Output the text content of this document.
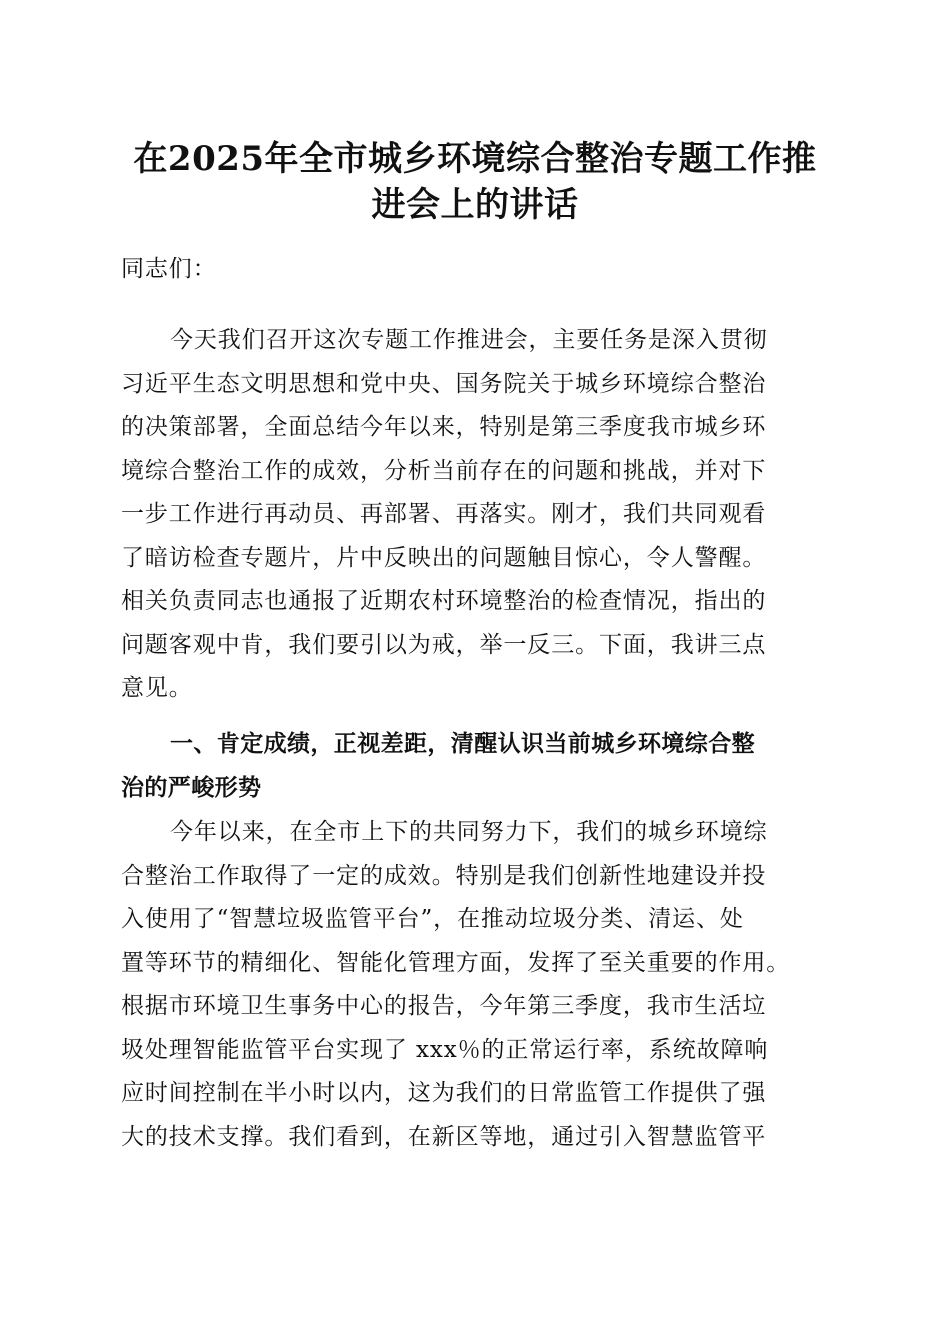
在2025年全市城乡环境综合整治专题工作推
进会上的讲话
同志们：
今天我们召开这次专题工作推进会，主要任务是深入贯彻
习近平生态文明思想和党中央、国务院关于城乡环境综合整治
的决策部署，全面总结今年以来，特别是第三季度我市城乡环
境综合整治工作的成效，分析当前存在的问题和挑战，并对下
一步工作进行再动员、再部署、再落实。刚才，我们共同观看
了暗访检查专题片，片中反映出的问题触目惊心，令人警醒。
相关负责同志也通报了近期农村环境整治的检查情况，指出的
问题客观中肯，我们要引以为戒，举一反三。下面，我讲三点
意见。
一、肯定成绩，正视差距，清醒认识当前城乡环境综合整
治的严峻形势
今年以来，在全市上下的共同努力下，我们的城乡环境综
合整治工作取得了一定的成效。特别是我们创新性地建设并投
入使用了“智慧垃圾监管平台”，在推动垃圾分类、清运、处
置等环节的精细化、智能化管理方面，发挥了至关重要的作用。
根据市环境卫生事务中心的报告，今年第三季度，我市生活垃
圾处理智能监管平台实现了 xxx％的正常运行率，系统故障响
应时间控制在半小时以内，这为我们的日常监管工作提供了强
大的技术支撑。我们看到，在新区等地，通过引入智慧监管平
